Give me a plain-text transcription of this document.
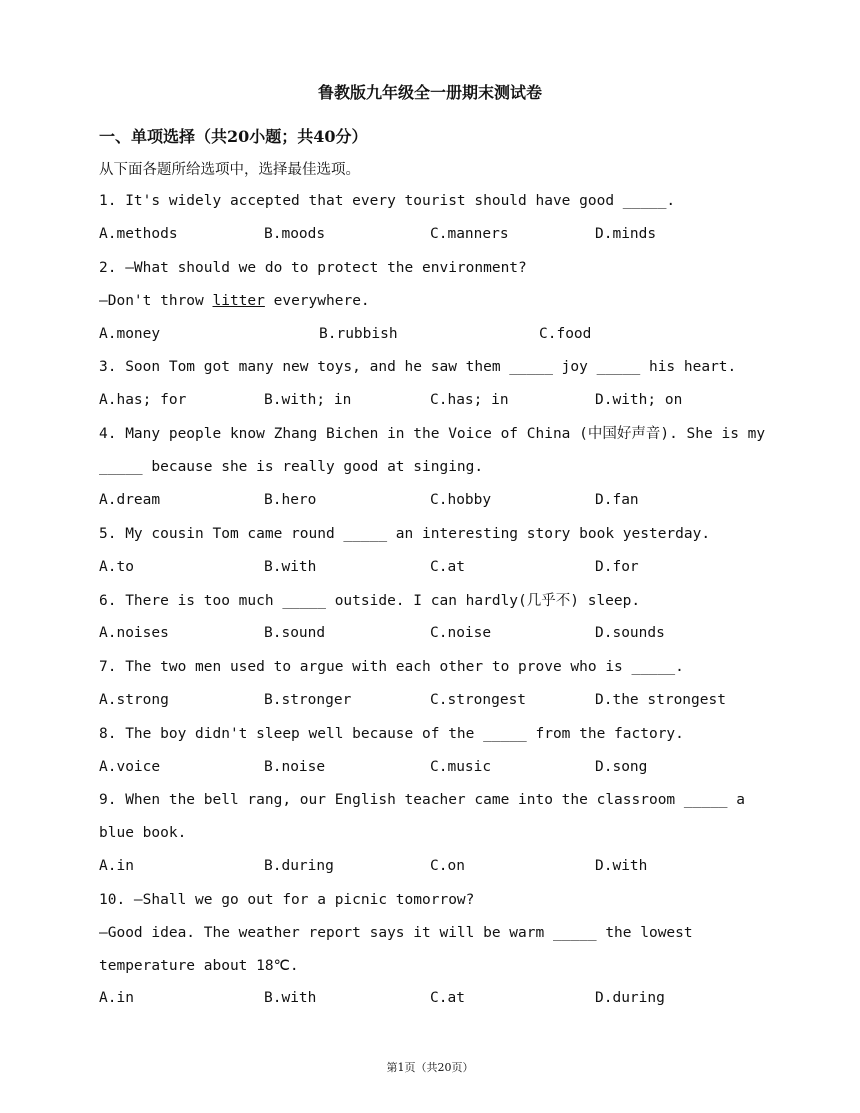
鲁教版九年级全一册期末测试卷
一、单项选择（共20小题；共40分）
从下面各题所给选项中，选择最佳选项。
1. It's widely accepted that every tourist should have good _____.
A.methods	B.moods	C.manners	D.minds
2. —What should we do to protect the environment?
—Don't throw litter everywhere.
A.money	B.rubbish	C.food
3. Soon Tom got many new toys, and he saw them _____ joy _____ his heart.
A.has; for	B.with; in	C.has; in	D.with; on
4. Many people know Zhang Bichen in the Voice of China (中国好声音). She is my
_____ because she is really good at singing.
A.dream	B.hero	C.hobby	D.fan
5. My cousin Tom came round _____ an interesting story book yesterday.
A.to	B.with	C.at	D.for
6. There is too much _____ outside. I can hardly(几乎不) sleep.
A.noises	B.sound	C.noise	D.sounds
7. The two men used to argue with each other to prove who is _____.
A.strong	B.stronger	C.strongest	D.the strongest
8. The boy didn't sleep well because of the _____ from the factory.
A.voice	B.noise	C.music	D.song
9. When the bell rang, our English teacher came into the classroom _____ a
blue book.
A.in	B.during	C.on	D.with
10. —Shall we go out for a picnic tomorrow?
—Good idea. The weather report says it will be warm _____ the lowest
temperature about 18℃.
A.in	B.with	C.at	D.during
第1页（共20页）
